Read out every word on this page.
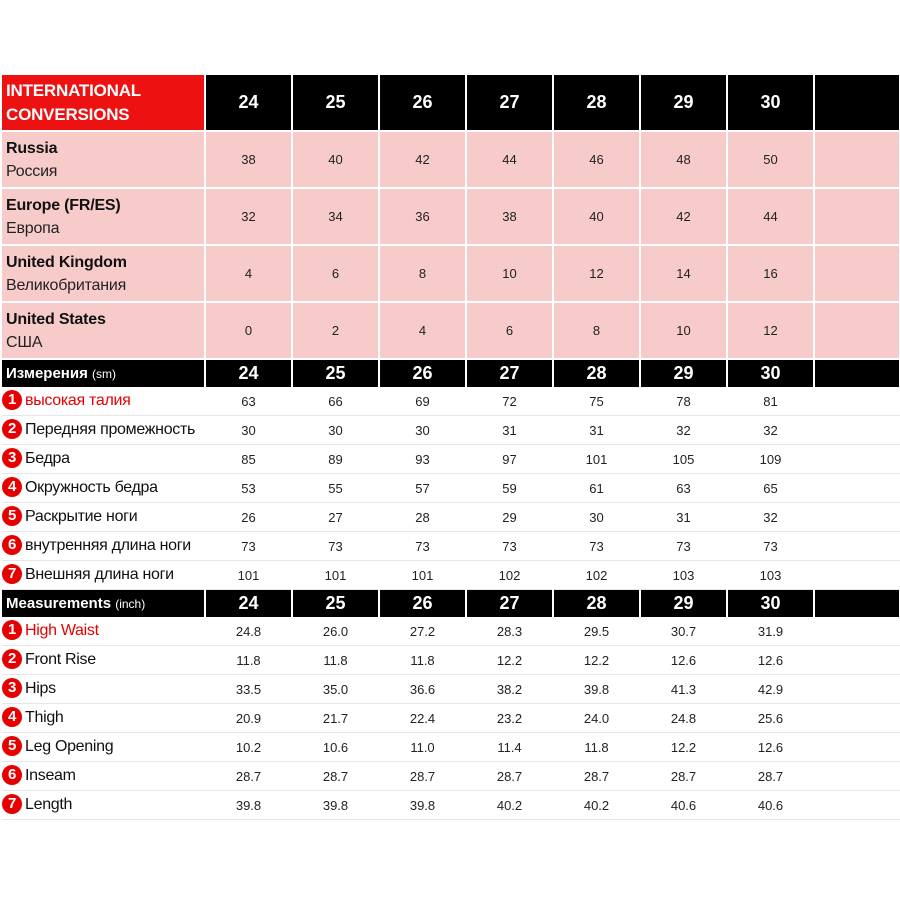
INTERNATIONAL
CONVERSIONS	24	25	26	27	28	29	30	

Russia
Россия	38	40	42	44	46	48	50	

Europe (FR/ES)
Европа	32	34	36	38	40	42	44	

United Kingdom
Великобритания	4	6	8	10	12	14	16	

United States
США	0	2	4	6	8	10	12	
Измерения (sm)	24	25	26	27	28	29	30	
1 высокая талия	63	66	69	72	75	78	81	
2 Передняя промежность	30	30	30	31	31	32	32	
3 Бедра	85	89	93	97	101	105	109	
4 Окружность бедра	53	55	57	59	61	63	65	
5 Раскрытие ноги	26	27	28	29	30	31	32	
6 внутренняя длина ноги	73	73	73	73	73	73	73	
7 Внешняя длина ноги	101	101	101	102	102	103	103	
Measurements (inch)	24	25	26	27	28	29	30	
1 High Waist	24.8	26.0	27.2	28.3	29.5	30.7	31.9	
2 Front Rise	11.8	11.8	11.8	12.2	12.2	12.6	12.6	
3 Hips	33.5	35.0	36.6	38.2	39.8	41.3	42.9	
4 Thigh	20.9	21.7	22.4	23.2	24.0	24.8	25.6	
5 Leg Opening	10.2	10.6	11.0	11.4	11.8	12.2	12.6	
6 Inseam	28.7	28.7	28.7	28.7	28.7	28.7	28.7	
7 Length	39.8	39.8	39.8	40.2	40.2	40.6	40.6	
